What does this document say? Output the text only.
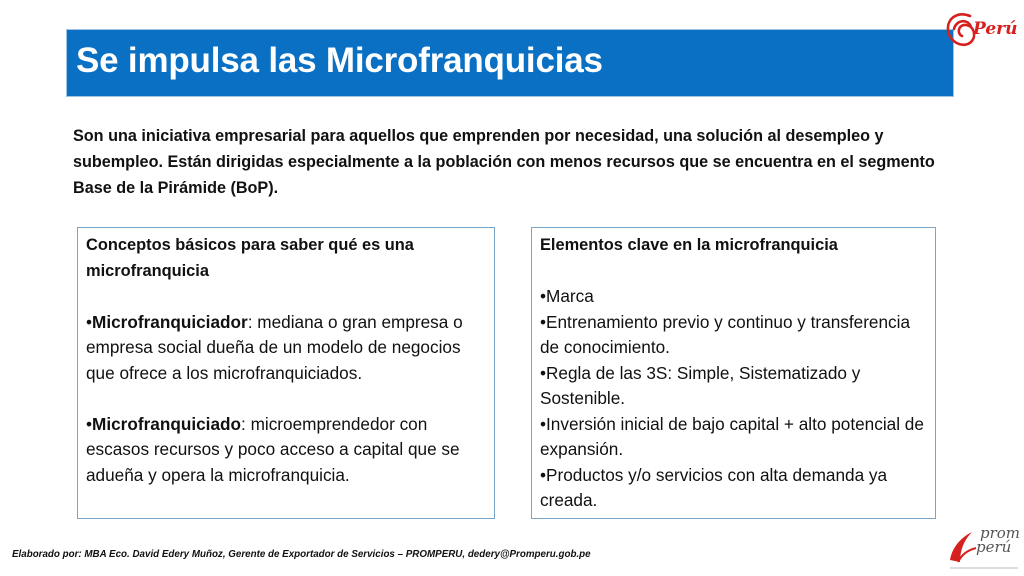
Se impulsa las Microfranquicias
Perú
Son una iniciativa empresarial para aquellos que emprenden por necesidad, una solución al desempleo y subempleo. Están dirigidas especialmente a la población con menos recursos que se encuentra en el segmento Base de la Pirámide (BoP).
Conceptos básicos para saber qué es una microfranquicia
•Microfranquiciador: mediana o gran empresa o empresa social dueña de un modelo de negocios que ofrece a los microfranquiciados.
•Microfranquiciado: microemprendedor con escasos recursos y poco acceso a capital que se adueña y opera la microfranquicia.
Elementos clave en la microfranquicia
•Marca
•Entrenamiento previo y continuo y transferencia de conocimiento.
•Regla de las 3S: Simple, Sistematizado y Sostenible.
•Inversión inicial de bajo capital + alto potencial de expansión.
•Productos y/o servicios con alta demanda ya creada.
Elaborado por: MBA Eco. David Edery Muñoz, Gerente de Exportador de Servicios – PROMPERU, dedery@Promperu.gob.pe
prom
perú
